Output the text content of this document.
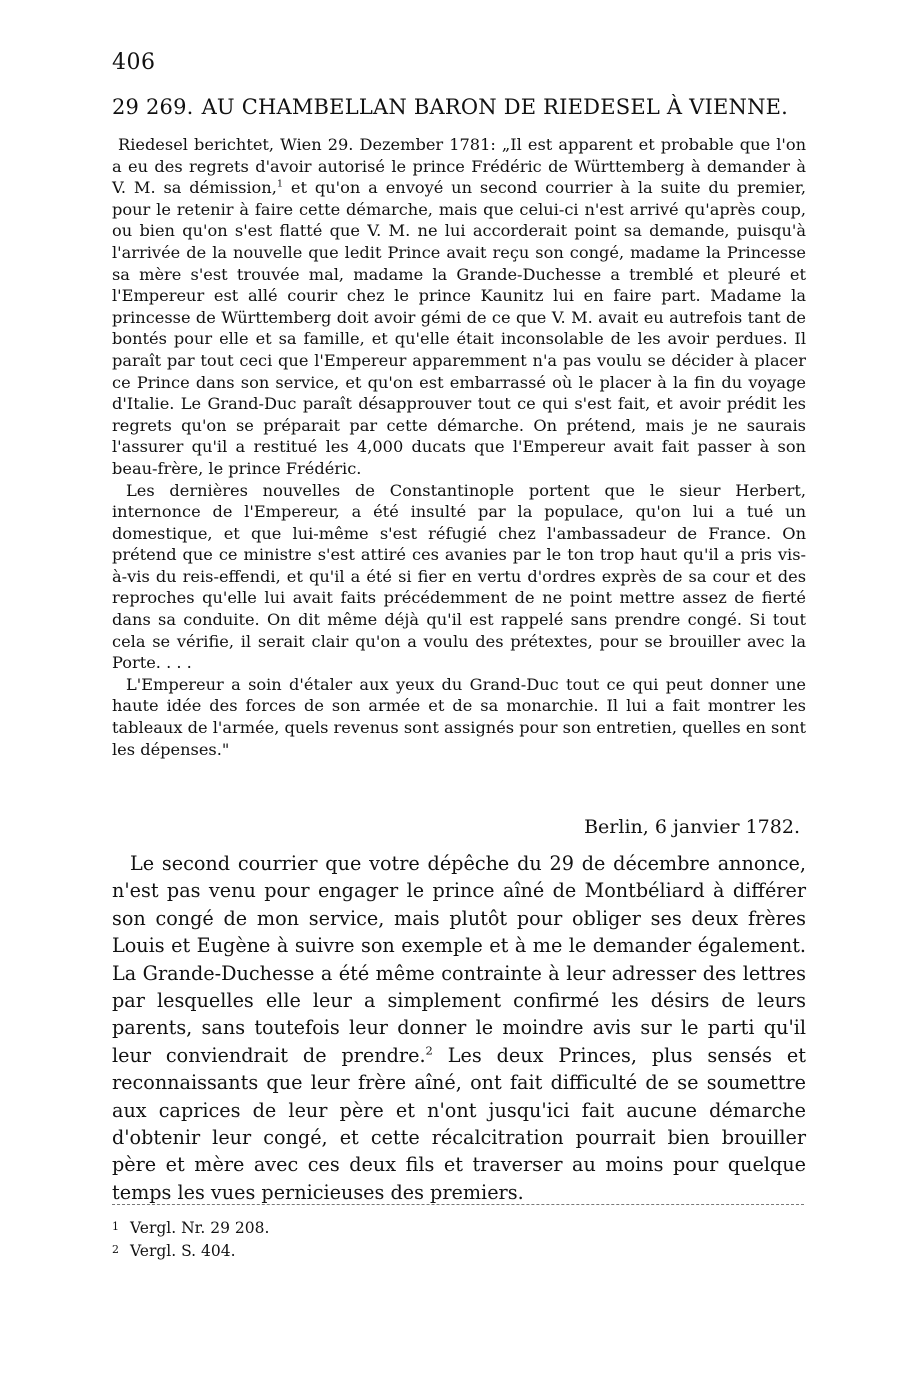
406
29 269. AU CHAMBELLAN BARON DE RIEDESEL À VIENNE.

Riedesel berichtet, Wien 29. Dezember 1781: „Il est apparent et probable que l'on a eu des regrets d'avoir autorisé le prince Frédéric de Württemberg à demander à V. M. sa démission,$^1$ et qu'on a envoyé un second courrier à la suite du premier, pour le retenir à faire cette démarche, mais que celui-ci n'est arrivé qu'après coup, ou bien qu'on s'est flatté que V. M. ne lui accorderait point sa demande, puisqu'à l'arrivée de la nouvelle que ledit Prince avait reçu son congé, madame la Princesse sa mère s'est trouvée mal, madame la Grande-Duchesse a tremblé et pleuré et l'Empereur est allé courir chez le prince Kaunitz lui en faire part. Madame la princesse de Württemberg doit avoir gémi de ce que V. M. avait eu autrefois tant de bontés pour elle et sa famille, et qu'elle était inconsolable de les avoir perdues. Il paraît par tout ceci que l'Empereur apparemment n'a pas voulu se décider à placer ce Prince dans son service, et qu'on est embarrassé où le placer à la fin du voyage d'Italie. Le Grand-Duc paraît désapprouver tout ce qui s'est fait, et avoir prédit les regrets qu'on se préparait par cette démarche. On prétend, mais je ne saurais l'assurer qu'il a restitué les 4,000 ducats que l'Empereur avait fait passer à son beau-frère, le prince Frédéric.

Les dernières nouvelles de Constantinople portent que le sieur Herbert, internonce de l'Empereur, a été insulté par la populace, qu'on lui a tué un domestique, et que lui-même s'est réfugié chez l'ambassadeur de France. On prétend que ce ministre s'est attiré ces avanies par le ton trop haut qu'il a pris vis-à-vis du reis-effendi, et qu'il a été si fier en vertu d'ordres exprès de sa cour et des reproches qu'elle lui avait faits précédemment de ne point mettre assez de fierté dans sa conduite. On dit même déjà qu'il est rappelé sans prendre congé. Si tout cela se vérifie, il serait clair qu'on a voulu des prétextes, pour se brouiller avec la Porte. . . .

L'Empereur a soin d'étaler aux yeux du Grand-Duc tout ce qui peut donner une haute idée des forces de son armée et de sa monarchie. Il lui a fait montrer les tableaux de l'armée, quels revenus sont assignés pour son entretien, quelles en sont les dépenses."

Berlin, 6 janvier 1782.

Le second courrier que votre dépêche du 29 de décembre annonce, n'est pas venu pour engager le prince aîné de Montbéliard à différer son congé de mon service, mais plutôt pour obliger ses deux frères Louis et Eugène à suivre son exemple et à me le demander également. La Grande-Duchesse a été même contrainte à leur adresser des lettres par lesquelles elle leur a simplement confirmé les désirs de leurs parents, sans toutefois leur donner le moindre avis sur le parti qu'il leur conviendrait de prendre.$^2$ Les deux Princes, plus sensés et reconnaissants que leur frère aîné, ont fait difficulté de se soumettre aux caprices de leur père et n'ont jusqu'ici fait aucune démarche d'obtenir leur congé, et cette récalcitration pourrait bien brouiller père et mère avec ces deux fils et traverser au moins pour quelque temps les vues pernicieuses des premiers.

1 Vergl. Nr. 29 208.

2 Vergl. S. 404.
